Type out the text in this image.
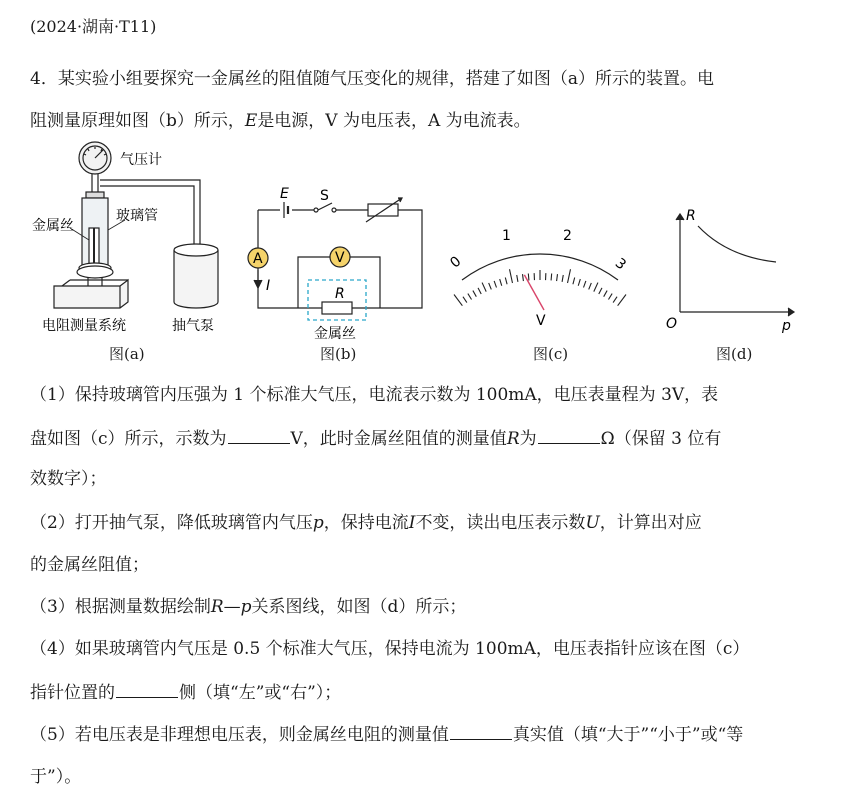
(2024·湖南·T11)
4．某实验小组要探究一金属丝的阻值随气压变化的规律，搭建了如图（a）所示的装置。电
阻测量原理如图（b）所示，E是电源，V 为电压表，A 为电流表。
气压计
金属丝
玻璃管
电阻测量系统	抽气泵
图(a)
E S
A	V
I	R
金属丝
图(b)
0
1	2
3
V
图(c)
R
p
O
图(d)
（1）保持玻璃管内压强为 1 个标准大气压，电流表示数为 100mA，电压表量程为 3V，表
盘如图（c）所示，示数为	V，此时金属丝阻值的测量值R为	Ω（保留 3 位有
效数字）；
（2）打开抽气泵，降低玻璃管内气压p，保持电流I不变，读出电压表示数U，计算出对应
的金属丝阻值；
（3）根据测量数据绘制R—p关系图线，如图（d）所示；
（4）如果玻璃管内气压是 0.5 个标准大气压，保持电流为 100mA，电压表指针应该在图（c）
指针位置的	侧（填“左”或“右”）；
（5）若电压表是非理想电压表，则金属丝电阻的测量值	真实值（填“大于”“小于”或“等
于”）。
